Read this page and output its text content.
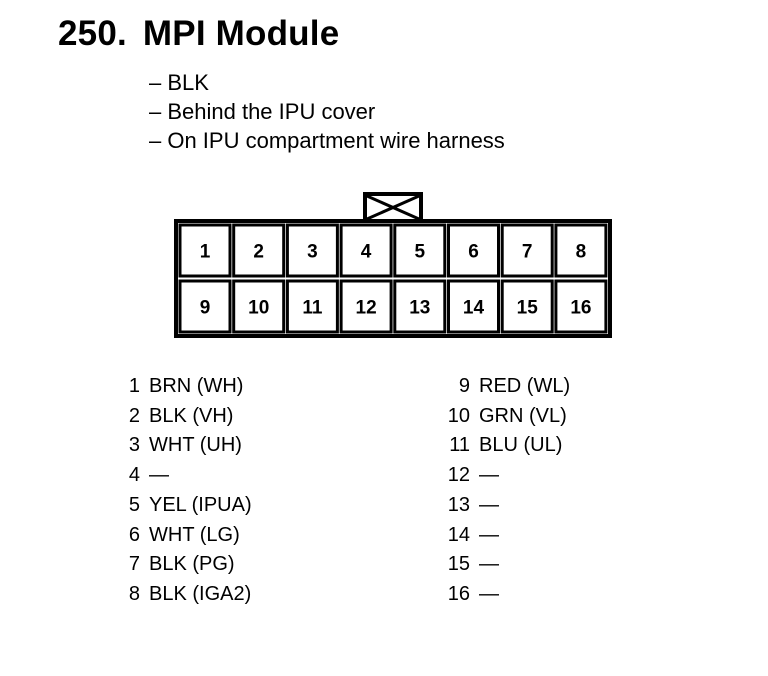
250. MPI Module
– BLK
– Behind the IPU cover
– On IPU compartment wire harness
1 2 3 4 5 6 7 8
9 10 11 12 13 14 15 16
1 BRN (WH)
2 BLK (VH)
3 WHT (UH)
4 —
5 YEL (IPUA)
6 WHT (LG)
7 BLK (PG)
8 BLK (IGA2)
9 RED (WL)
10 GRN (VL)
11 BLU (UL)
12 —
13 —
14 —
15 —
16 —
